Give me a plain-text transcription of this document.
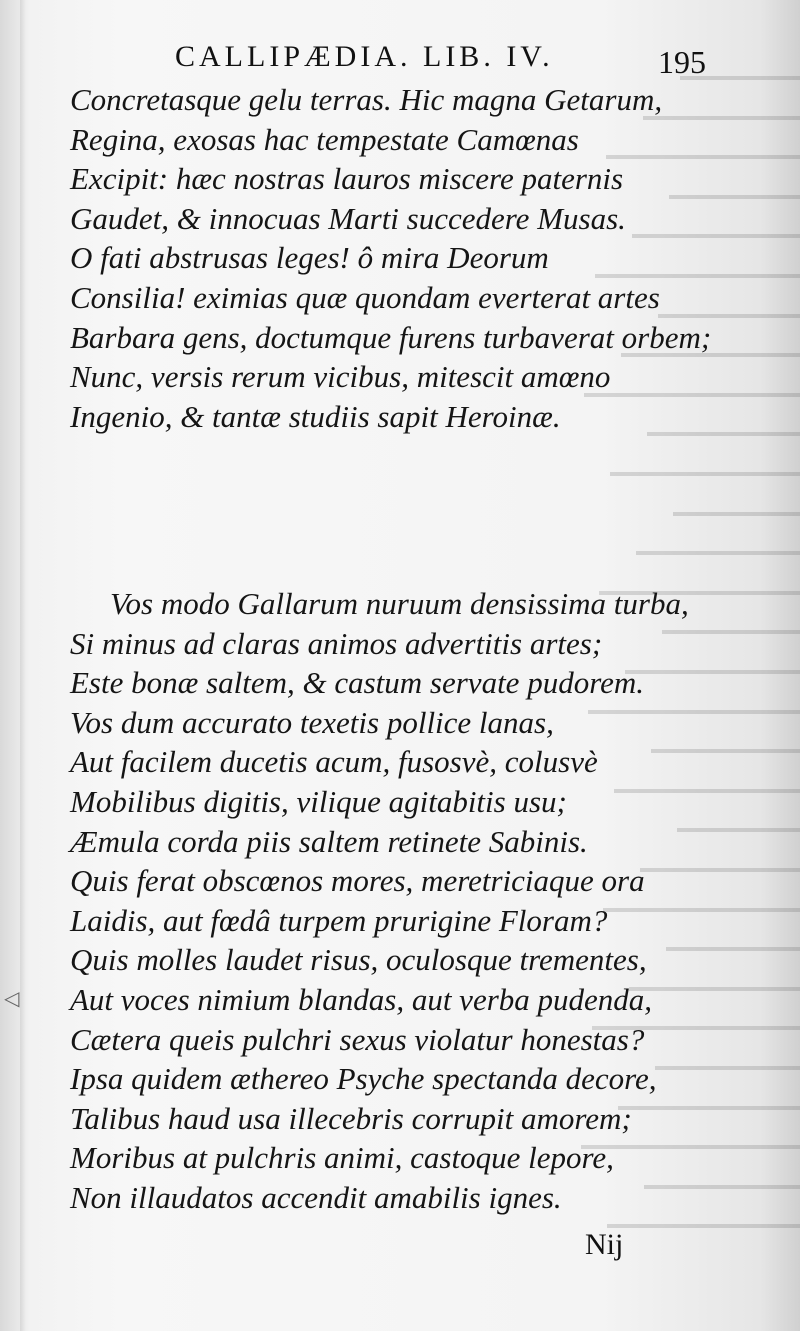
CALLIPÆDIA. LIB. IV.	195
Concretasque gelu terras. Hic magna Getarum,
Regina, exosas hac tempestate Camœnas
Excipit: hæc nostras lauros miscere paternis
Gaudet, & innocuas Marti succedere Musas.
O fati abstrusas leges! ô mira Deorum
Consilia! eximias quæ quondam everterat artes
Barbara gens, doctumque furens turbaverat orbem;
Nunc, versis rerum vicibus, mitescit amœno
Ingenio, & tantæ studiis sapit Heroinæ.
Vos modo Gallarum nuruum densissima turba,
Si minus ad claras animos advertitis artes;
Este bonæ saltem, & castum servate pudorem.
Vos dum accurato texetis pollice lanas,
Aut facilem ducetis acum, fusosvè, colusvè
Mobilibus digitis, vilique agitabitis usu;
Æmula corda piis saltem retinete Sabinis.
Quis ferat obscœnos mores, meretriciaque ora
Laidis, aut fœdâ turpem prurigine Floram?
Quis molles laudet risus, oculosque trementes,
Aut voces nimium blandas, aut verba pudenda,
Cætera queis pulchri sexus violatur honestas?
Ipsa quidem æthereo Psyche spectanda decore,
Talibus haud usa illecebris corrupit amorem;
Moribus at pulchris animi, castoque lepore,
Non illaudatos accendit amabilis ignes.
Nij
◁
